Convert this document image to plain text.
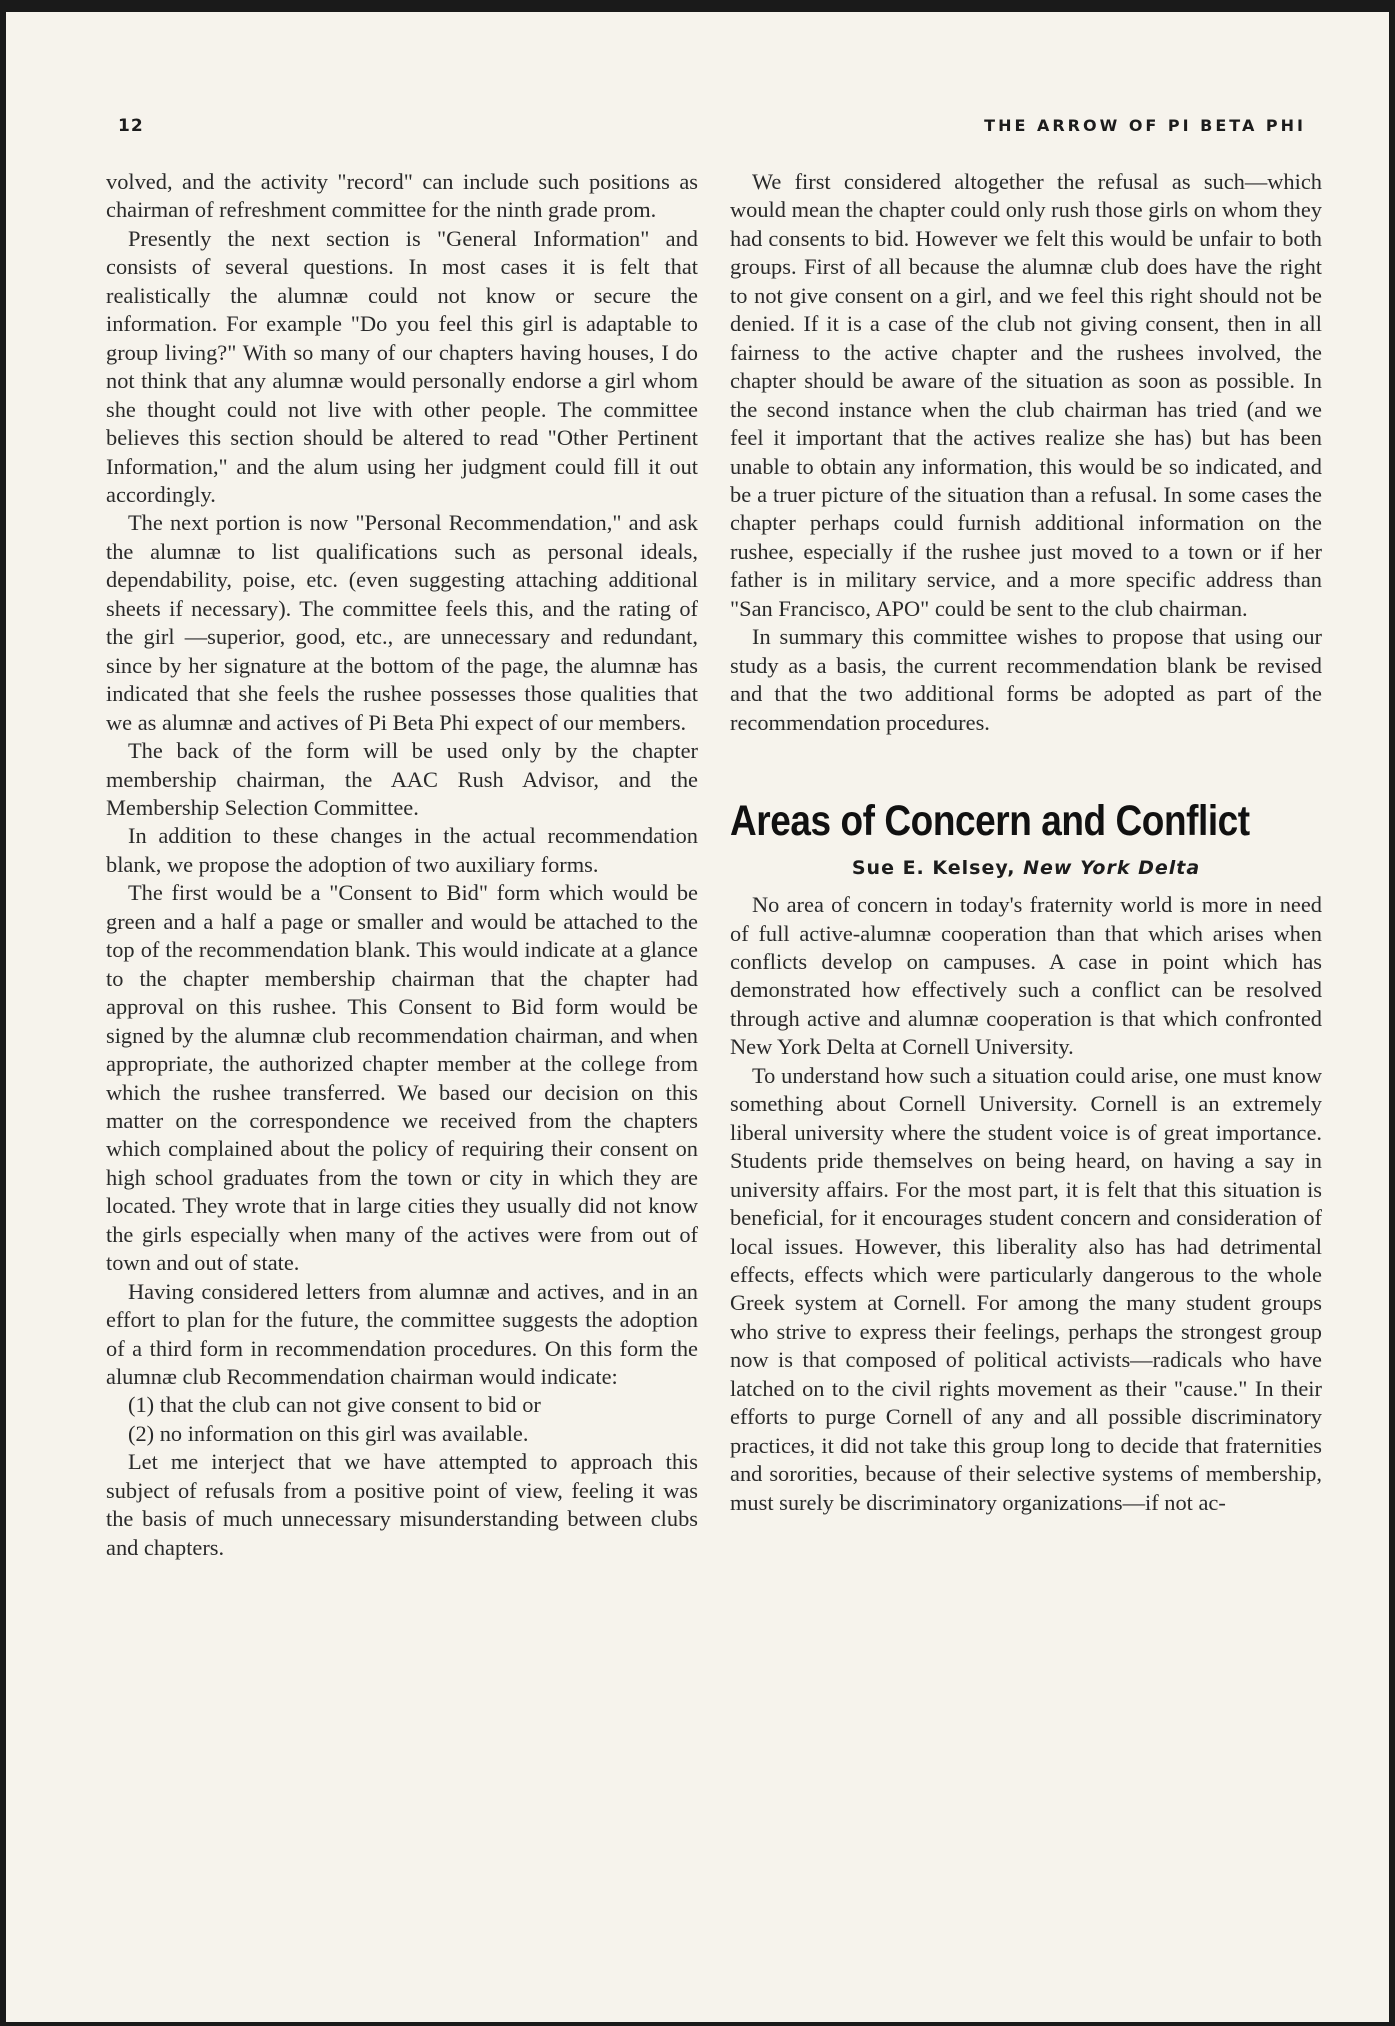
12	THE ARROW OF PI BETA PHI

volved, and the activity "record" can include such positions as chairman of refreshment committee for the ninth grade prom.

Presently the next section is "General Information" and consists of several questions. In most cases it is felt that realistically the alumnæ could not know or secure the information. For example "Do you feel this girl is adaptable to group living?" With so many of our chapters having houses, I do not think that any alumnæ would personally endorse a girl whom she thought could not live with other people. The committee believes this section should be altered to read "Other Pertinent Information," and the alum using her judgment could fill it out accordingly.

The next portion is now "Personal Recommendation," and ask the alumnæ to list qualifications such as personal ideals, dependability, poise, etc. (even suggesting attaching additional sheets if necessary). The committee feels this, and the rating of the girl —superior, good, etc., are unnecessary and redundant, since by her signature at the bottom of the page, the alumnæ has indicated that she feels the rushee possesses those qualities that we as alumnæ and actives of Pi Beta Phi expect of our members.

The back of the form will be used only by the chapter membership chairman, the AAC Rush Advisor, and the Membership Selection Committee.

In addition to these changes in the actual recommendation blank, we propose the adoption of two auxiliary forms.

The first would be a "Consent to Bid" form which would be green and a half a page or smaller and would be attached to the top of the recommendation blank. This would indicate at a glance to the chapter membership chairman that the chapter had approval on this rushee. This Consent to Bid form would be signed by the alumnæ club recommendation chairman, and when appropriate, the authorized chapter member at the college from which the rushee transferred. We based our decision on this matter on the correspondence we received from the chapters which complained about the policy of requiring their consent on high school graduates from the town or city in which they are located. They wrote that in large cities they usually did not know the girls especially when many of the actives were from out of town and out of state.

Having considered letters from alumnæ and actives, and in an effort to plan for the future, the committee suggests the adoption of a third form in recommendation procedures. On this form the alumnæ club Recommendation chairman would indicate:

(1) that the club can not give consent to bid or

(2) no information on this girl was available.

Let me interject that we have attempted to approach this subject of refusals from a positive point of view, feeling it was the basis of much unnecessary misunderstanding between clubs and chapters.

We first considered altogether the refusal as such—which would mean the chapter could only rush those girls on whom they had consents to bid. However we felt this would be unfair to both groups. First of all because the alumnæ club does have the right to not give consent on a girl, and we feel this right should not be denied. If it is a case of the club not giving consent, then in all fairness to the active chapter and the rushees involved, the chapter should be aware of the situation as soon as possible. In the second instance when the club chairman has tried (and we feel it important that the actives realize she has) but has been unable to obtain any information, this would be so indicated, and be a truer picture of the situation than a refusal. In some cases the chapter perhaps could furnish additional information on the rushee, especially if the rushee just moved to a town or if her father is in military service, and a more specific address than "San Francisco, APO" could be sent to the club chairman.

In summary this committee wishes to propose that using our study as a basis, the current recommendation blank be revised and that the two additional forms be adopted as part of the recommendation procedures.

Areas of Concern and Conflict
Sue E. Kelsey, New York Delta

No area of concern in today's fraternity world is more in need of full active-alumnæ cooperation than that which arises when conflicts develop on campuses. A case in point which has demonstrated how effectively such a conflict can be resolved through active and alumnæ cooperation is that which confronted New York Delta at Cornell University.

To understand how such a situation could arise, one must know something about Cornell University. Cornell is an extremely liberal university where the student voice is of great importance. Students pride themselves on being heard, on having a say in university affairs. For the most part, it is felt that this situation is beneficial, for it encourages student concern and consideration of local issues. However, this liberality also has had detrimental effects, effects which were particularly dangerous to the whole Greek system at Cornell. For among the many student groups who strive to express their feelings, perhaps the strongest group now is that composed of political activists—radicals who have latched on to the civil rights movement as their "cause." In their efforts to purge Cornell of any and all possible discriminatory practices, it did not take this group long to decide that fraternities and sororities, because of their selective systems of membership, must surely be discriminatory organizations—if not ac-
